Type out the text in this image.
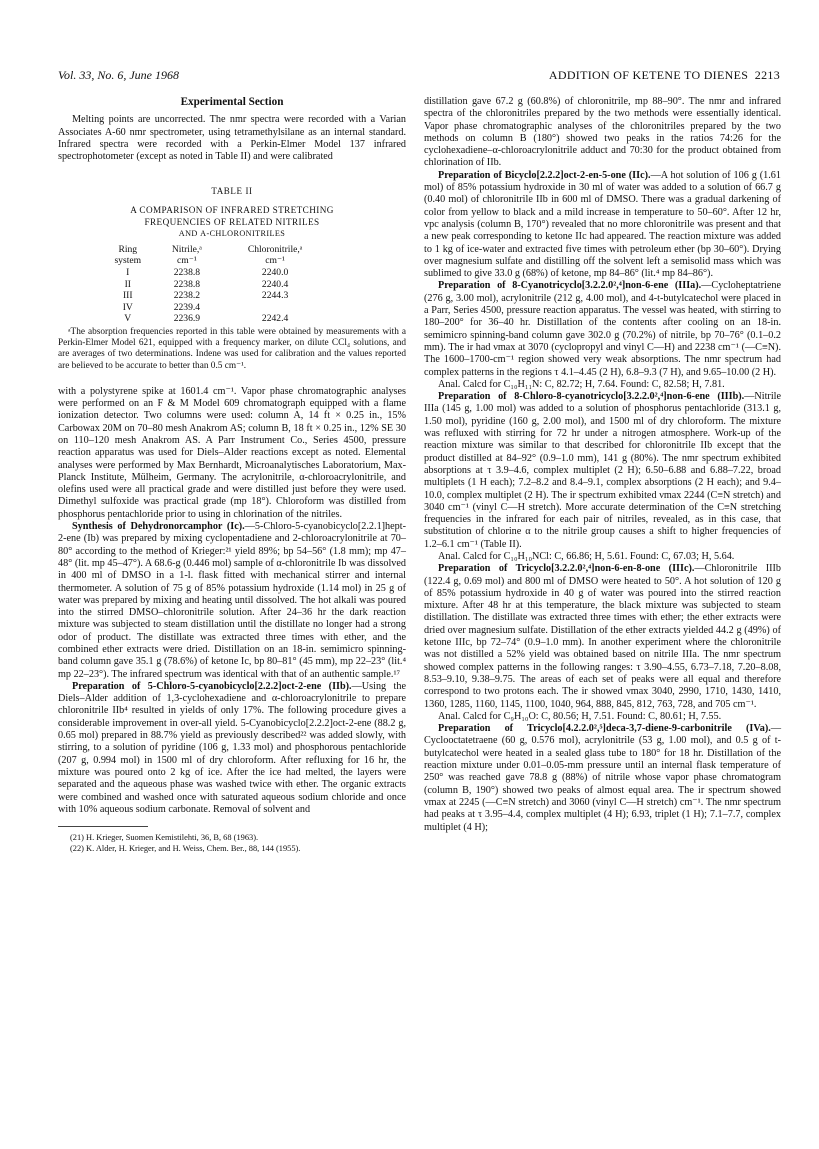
Vol. 33, No. 6, June 1968	ADDITION OF KETENE TO DIENES 2213

Experimental Section

Melting points are uncorrected. The nmr spectra were recorded with a Varian Associates A-60 nmr spectrometer, using tetramethylsilane as an internal standard. Infrared spectra were recorded with a Perkin-Elmer Model 137 infrared spectrophotometer (except as noted in Table II) and were calibrated

TABLE II
A COMPARISON OF INFRARED STRETCHING
FREQUENCIES OF RELATED NITRILES
AND Α-CHLORONITRILES
Ring	Nitrile,ᵃ	Chloronitrile,ᵃ
system	cm⁻¹	cm⁻¹
I	2238.8	2240.0
II	2238.8	2240.4
III	2238.2	2244.3
IV	2239.4	
V	2236.9	2242.4

ᵃThe absorption frequencies reported in this table were obtained by measurements with a Perkin-Elmer Model 621, equipped with a frequency marker, on dilute CCl₄ solutions, and are averages of two determinations. Indene was used for calibration and the values reported are believed to be accurate to better than 0.5 cm⁻¹.

with a polystyrene spike at 1601.4 cm⁻¹. Vapor phase chromatographic analyses were performed on an F & M Model 609 chromatograph equipped with a flame ionization detector. Two columns were used: column A, 14 ft × 0.25 in., 15% Carbowax 20M on 70–80 mesh Anakrom AS; column B, 18 ft × 0.25 in., 12% SE 30 on 110–120 mesh Anakrom AS. A Parr Instrument Co., Series 4500, pressure reaction apparatus was used for Diels–Alder reactions except as noted. Elemental analyses were performed by Max Bernhardt, Microanalytisches Laboratorium, Max-Planck Institute, Mülheim, Germany. The acrylonitrile, α-chloroacrylonitrile, and olefins used were all practical grade and were distilled just before they were used. Dimethyl sulfoxide was practical grade (mp 18°). Chloroform was distilled from phosphorus pentachloride prior to using in chlorination of the nitriles.

Synthesis of Dehydronorcamphor (Ic).—5-Chloro-5-cyanobicyclo[2.2.1]hept-2-ene (Ib) was prepared by mixing cyclopentadiene and 2-chloroacrylonitrile at 70–80° according to the method of Krieger:²¹ yield 89%; bp 54–56° (1.8 mm); mp 47–48° (lit. mp 45–47°). A 68.6-g (0.446 mol) sample of α-chloronitrile Ib was dissolved in 400 ml of DMSO in a 1-l. flask fitted with mechanical stirrer and internal thermometer. A solution of 75 g of 85% potassium hydroxide (1.14 mol) in 25 g of water was prepared by mixing and heating until dissolved. The hot alkali was poured into the stirred DMSO–chloronitrile solution. After 24–36 hr the dark reaction mixture was subjected to steam distillation until the distillate no longer had a strong odor of product. The distillate was extracted three times with ether, and the combined ether extracts were dried. Distillation on an 18-in. semimicro spinning-band column gave 35.1 g (78.6%) of ketone Ic, bp 80–81° (45 mm), mp 22–23° (lit.⁴ mp 22–23°). The infrared spectrum was identical with that of an authentic sample.¹⁷

Preparation of 5-Chloro-5-cyanobicyclo[2.2.2]oct-2-ene (IIb).—Using the Diels–Alder addition of 1,3-cyclohexadiene and α-chloroacrylonitrile to prepare chloronitrile IIb⁴ resulted in yields of only 17%. The following procedure gives a considerable improvement in over-all yield. 5-Cyanobicyclo[2.2.2]oct-2-ene (88.2 g, 0.65 mol) prepared in 88.7% yield as previously described²² was added slowly, with stirring, to a solution of pyridine (106 g, 1.33 mol) and phosphorous pentachloride (207 g, 0.994 mol) in 1500 ml of dry chloroform. After refluxing for 16 hr, the mixture was poured onto 2 kg of ice. After the ice had melted, the layers were separated and the aqueous phase was washed twice with ether. The organic extracts were combined and washed once with saturated aqueous sodium chloride and once with 10% aqueous sodium carbonate. Removal of solvent and

(21) H. Krieger, Suomen Kemistilehti, 36, B, 68 (1963).

(22) K. Alder, H. Krieger, and H. Weiss, Chem. Ber., 88, 144 (1955).

distillation gave 67.2 g (60.8%) of chloronitrile, mp 88–90°. The nmr and infrared spectra of the chloronitriles prepared by the two methods were essentially identical. Vapor phase chromatographic analyses of the chloronitriles prepared by the two methods on column B (180°) showed two peaks in the ratios 74:26 for the cyclohexadiene–α-chloroacrylonitrile adduct and 70:30 for the product obtained from chlorination of IIb.

Preparation of Bicyclo[2.2.2]oct-2-en-5-one (IIc).—A hot solution of 106 g (1.61 mol) of 85% potassium hydroxide in 30 ml of water was added to a solution of 66.7 g (0.40 mol) of chloronitrile IIb in 600 ml of DMSO. There was a gradual darkening of color from yellow to black and a mild increase in temperature to 50–60°. After 12 hr, vpc analysis (column B, 170°) revealed that no more chloronitrile was present and that a new peak corresponding to ketone IIc had appeared. The reaction mixture was added to 1 kg of ice-water and extracted five times with petroleum ether (bp 30–60°). Drying over magnesium sulfate and distilling off the solvent left a semisolid mass which was sublimed to give 33.0 g (68%) of ketone, mp 84–86° (lit.⁴ mp 84–86°).

Preparation of 8-Cyanotricyclo[3.2.2.0²,⁴]non-6-ene (IIIa).—Cycloheptatriene (276 g, 3.00 mol), acrylonitrile (212 g, 4.00 mol), and 4-t-butylcatechol were placed in a Parr, Series 4500, pressure reaction apparatus. The vessel was heated, with stirring to 180–200° for 36–40 hr. Distillation of the contents after cooling on an 18-in. semimicro spinning-band column gave 302.0 g (70.2%) of nitrile, bp 70–76° (0.1–0.2 mm). The ir had νmax at 3070 (cyclopropyl and vinyl C—H) and 2238 cm⁻¹ (—C≡N). The 1600–1700-cm⁻¹ region showed very weak absorptions. The nmr spectrum had complex patterns in the regions τ 4.1–4.45 (2 H), 6.8–9.3 (7 H), and 9.65–10.00 (2 H).

Anal. Calcd for C₁₀H₁₁N: C, 82.72; H, 7.64. Found: C, 82.58; H, 7.81.

Preparation of 8-Chloro-8-cyanotricyclo[3.2.2.0²,⁴]non-6-ene (IIIb).—Nitrile IIIa (145 g, 1.00 mol) was added to a solution of phosphorus pentachloride (313.1 g, 1.50 mol), pyridine (160 g, 2.00 mol), and 1500 ml of dry chloroform. The mixture was refluxed with stirring for 72 hr under a nitrogen atmosphere. Work-up of the reaction mixture was similar to that described for chloronitrile IIb except that the product distilled at 84–92° (0.9–1.0 mm), 141 g (80%). The nmr spectrum exhibited absorptions at τ 3.9–4.6, complex multiplet (2 H); 6.50–6.88 and 6.88–7.22, broad multiplets (1 H each); 7.2–8.2 and 8.4–9.1, complex absorptions (2 H each); and 9.4–10.0, complex multiplet (2 H). The ir spectrum exhibited νmax 2244 (C≡N stretch) and 3040 cm⁻¹ (vinyl C—H stretch). More accurate determination of the C≡N stretching frequencies in the infrared for each pair of nitriles, revealed, as in this case, that substitution of chlorine α to the nitrile group causes a shift to higher frequencies of 1.2–6.1 cm⁻¹ (Table II).

Anal. Calcd for C₁₀H₁₀NCl: C, 66.86; H, 5.61. Found: C, 67.03; H, 5.64.

Preparation of Tricyclo[3.2.2.0²,⁴]non-6-en-8-one (IIIc).—Chloronitrile IIIb (122.4 g, 0.69 mol) and 800 ml of DMSO were heated to 50°. A hot solution of 120 g of 85% potassium hydroxide in 40 g of water was poured into the stirred reaction mixture. After 48 hr at this temperature, the black mixture was subjected to steam distillation. The distillate was extracted three times with ether; the ether extracts were dried over magnesium sulfate. Distillation of the ether extracts yielded 44.2 g (49%) of ketone IIIc, bp 72–74° (0.9–1.0 mm). In another experiment where the chloronitrile was not distilled a 52% yield was obtained based on nitrile IIIa. The nmr spectrum showed complex patterns in the following ranges: τ 3.90–4.55, 6.73–7.18, 7.20–8.08, 8.53–9.10, 9.38–9.75. The areas of each set of peaks were all equal and therefore correspond to two protons each. The ir showed νmax 3040, 2990, 1710, 1430, 1410, 1360, 1285, 1160, 1145, 1100, 1040, 964, 888, 845, 812, 763, 728, and 705 cm⁻¹.

Anal. Calcd for C₉H₁₀O: C, 80.56; H, 7.51. Found: C, 80.61; H, 7.55.

Preparation of Tricyclo[4.2.2.0²,⁵]deca-3,7-diene-9-carbonitrile (IVa).—Cyclooctatetraene (60 g, 0.576 mol), acrylonitrile (53 g, 1.00 mol), and 0.5 g of t-butylcatechol were heated in a sealed glass tube to 180° for 18 hr. Distillation of the reaction mixture under 0.01–0.05-mm pressure until an internal flask temperature of 250° was reached gave 78.8 g (88%) of nitrile whose vapor phase chromatogram (column B, 190°) showed two peaks of almost equal area. The ir spectrum showed νmax at 2245 (—C≡N stretch) and 3060 (vinyl C—H stretch) cm⁻¹. The nmr spectrum had peaks at τ 3.95–4.4, complex multiplet (4 H); 6.93, triplet (1 H); 7.1–7.7, complex multiplet (4 H);
